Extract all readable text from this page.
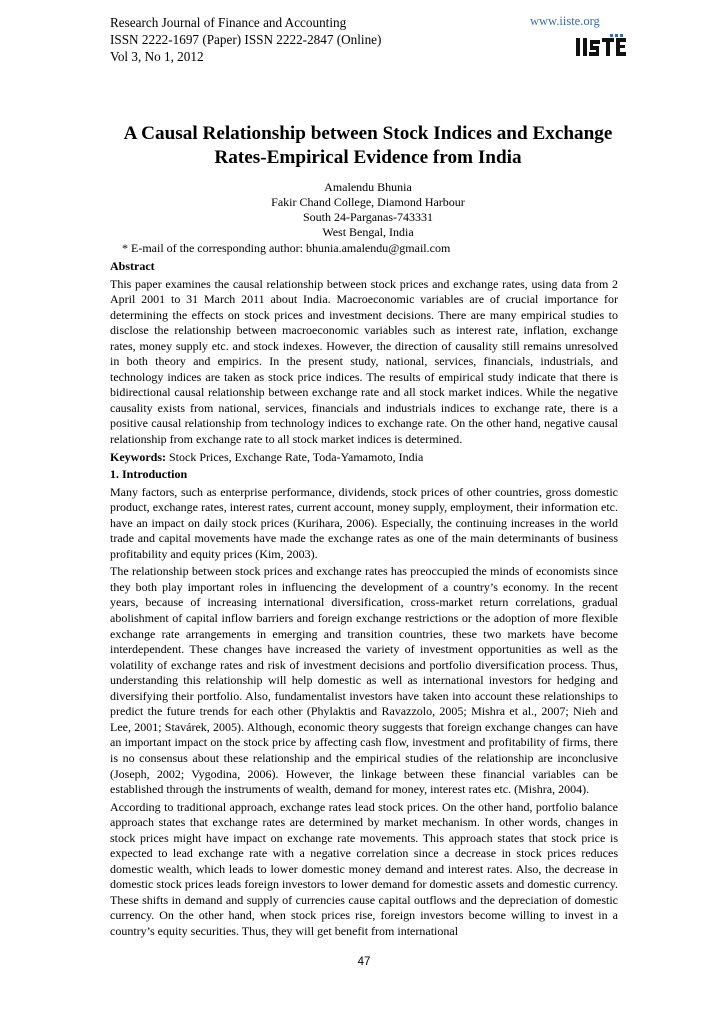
Research Journal of Finance and Accounting
ISSN 2222-1697 (Paper) ISSN 2222-2847 (Online)
Vol 3, No 1, 2012
www.iiste.org
A Causal Relationship between Stock Indices and Exchange
Rates-Empirical Evidence from India
Amalendu Bhunia
Fakir Chand College, Diamond Harbour
South 24-Parganas-743331
West Bengal, India
* E-mail of the corresponding author: bhunia.amalendu@gmail.com
Abstract

This paper examines the causal relationship between stock prices and exchange rates, using data from 2 April 2001 to 31 March 2011 about India. Macroeconomic variables are of crucial importance for determining the effects on stock prices and investment decisions. There are many empirical studies to disclose the relationship between macroeconomic variables such as interest rate, inflation, exchange rates, money supply etc. and stock indexes. However, the direction of causality still remains unresolved in both theory and empirics. In the present study, national, services, financials, industrials, and technology indices are taken as stock price indices. The results of empirical study indicate that there is bidirectional causal relationship between exchange rate and all stock market indices. While the negative causality exists from national, services, financials and industrials indices to exchange rate, there is a positive causal relationship from technology indices to exchange rate. On the other hand, negative causal relationship from exchange rate to all stock market indices is determined.

Keywords: Stock Prices, Exchange Rate, Toda-Yamamoto, India

1. Introduction

Many factors, such as enterprise performance, dividends, stock prices of other countries, gross domestic product, exchange rates, interest rates, current account, money supply, employment, their information etc. have an impact on daily stock prices (Kurihara, 2006). Especially, the continuing increases in the world trade and capital movements have made the exchange rates as one of the main determinants of business profitability and equity prices (Kim, 2003).

The relationship between stock prices and exchange rates has preoccupied the minds of economists since they both play important roles in influencing the development of a country’s economy. In the recent years, because of increasing international diversification, cross-market return correlations, gradual abolishment of capital inflow barriers and foreign exchange restrictions or the adoption of more flexible exchange rate arrangements in emerging and transition countries, these two markets have become interdependent. These changes have increased the variety of investment opportunities as well as the volatility of exchange rates and risk of investment decisions and portfolio diversification process. Thus, understanding this relationship will help domestic as well as international investors for hedging and diversifying their portfolio. Also, fundamentalist investors have taken into account these relationships to predict the future trends for each other (Phylaktis and Ravazzolo, 2005; Mishra et al., 2007; Nieh and Lee, 2001; Stavárek, 2005). Although, economic theory suggests that foreign exchange changes can have an important impact on the stock price by affecting cash flow, investment and profitability of firms, there is no consensus about these relationship and the empirical studies of the relationship are inconclusive (Joseph, 2002; Vygodina, 2006). However, the linkage between these financial variables can be established through the instruments of wealth, demand for money, interest rates etc. (Mishra, 2004).

According to traditional approach, exchange rates lead stock prices. On the other hand, portfolio balance approach states that exchange rates are determined by market mechanism. In other words, changes in stock prices might have impact on exchange rate movements. This approach states that stock price is expected to lead exchange rate with a negative correlation since a decrease in stock prices reduces domestic wealth, which leads to lower domestic money demand and interest rates. Also, the decrease in domestic stock prices leads foreign investors to lower demand for domestic assets and domestic currency. These shifts in demand and supply of currencies cause capital outflows and the depreciation of domestic currency. On the other hand, when stock prices rise, foreign investors become willing to invest in a country’s equity securities. Thus, they will get benefit from international

47
